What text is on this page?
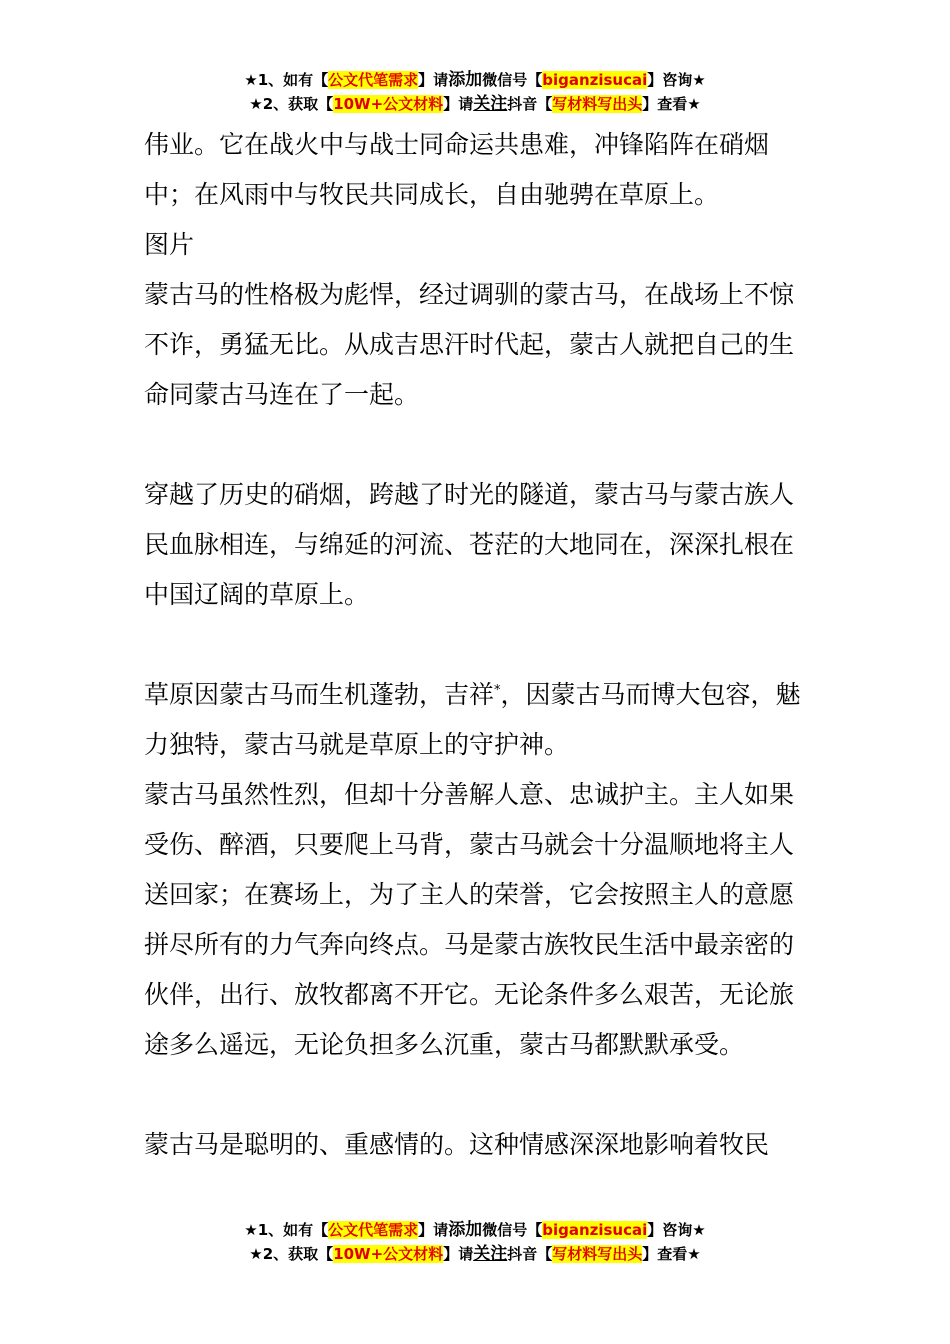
★1、如有【公文代笔需求】请添加微信号【biganzisucai】咨询★
★2、获取【10W+公文材料】请关注抖音【写材料写出头】查看★

伟业。它在战火中与战士同命运共患难，冲锋陷阵在硝烟中；在风雨中与牧民共同成长，自由驰骋在草原上。

图片

蒙古马的性格极为彪悍，经过调驯的蒙古马，在战场上不惊不诈，勇猛无比。从成吉思汗时代起，蒙古人就把自己的生命同蒙古马连在了一起。

穿越了历史的硝烟，跨越了时光的隧道，蒙古马与蒙古族人民血脉相连，与绵延的河流、苍茫的大地同在，深深扎根在中国辽阔的草原上。

草原因蒙古马而生机蓬勃，吉祥*，因蒙古马而博大包容，魅力独特，蒙古马就是草原上的守护神。

蒙古马虽然性烈，但却十分善解人意、忠诚护主。主人如果受伤、醉酒，只要爬上马背，蒙古马就会十分温顺地将主人送回家；在赛场上，为了主人的荣誉，它会按照主人的意愿拼尽所有的力气奔向终点。马是蒙古族牧民生活中最亲密的伙伴，出行、放牧都离不开它。无论条件多么艰苦，无论旅途多么遥远，无论负担多么沉重，蒙古马都默默承受。

蒙古马是聪明的、重感情的。这种情感深深地影响着牧民

★1、如有【公文代笔需求】请添加微信号【biganzisucai】咨询★
★2、获取【10W+公文材料】请关注抖音【写材料写出头】查看★
